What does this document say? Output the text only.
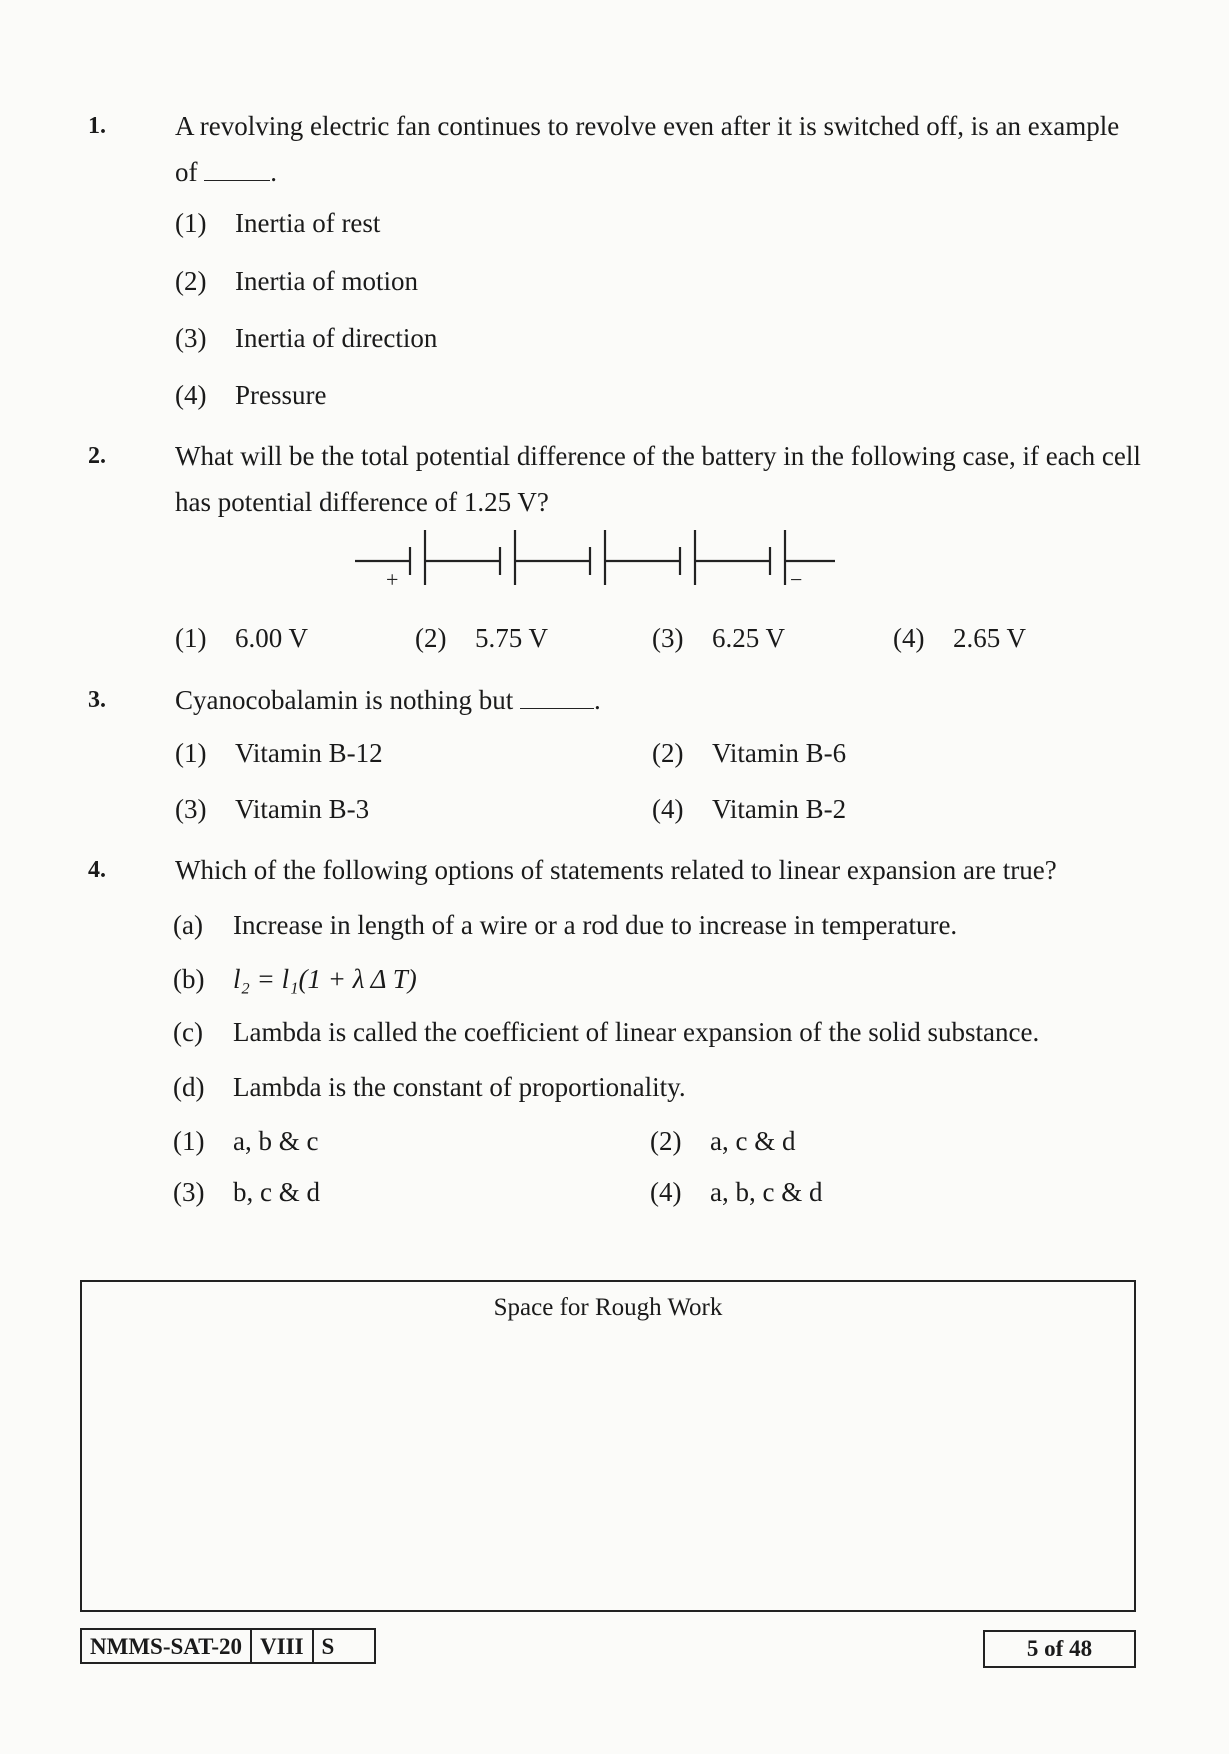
1.	A revolving electric fan continues to revolve even after it is switched off, is an example of	.
(1) Inertia of rest
(2) Inertia of motion
(3) Inertia of direction
(4) Pressure
2.	What will be the total potential difference of the battery in the following case, if each cell has potential difference of 1.25 V?
+	−
(1) 6.00 V	(2) 5.75 V	(3) 6.25 V	(4) 2.65 V
3.	Cyanocobalamin is nothing but	.
(1) Vitamin B-12	(2) Vitamin B-6
(3) Vitamin B-3	(4) Vitamin B-2
4.	Which of the following options of statements related to linear expansion are true?
(a) Increase in length of a wire or a rod due to increase in temperature.
(b) l₂ = l₁(1 + λ Δ T)
(c) Lambda is called the coefficient of linear expansion of the solid substance.
(d) Lambda is the constant of proportionality.
(1) a, b & c	(2) a, c & d
(3) b, c & d	(4) a, b, c & d
Space for Rough Work
NMMS-SAT-20 VIII S	5 of 48
